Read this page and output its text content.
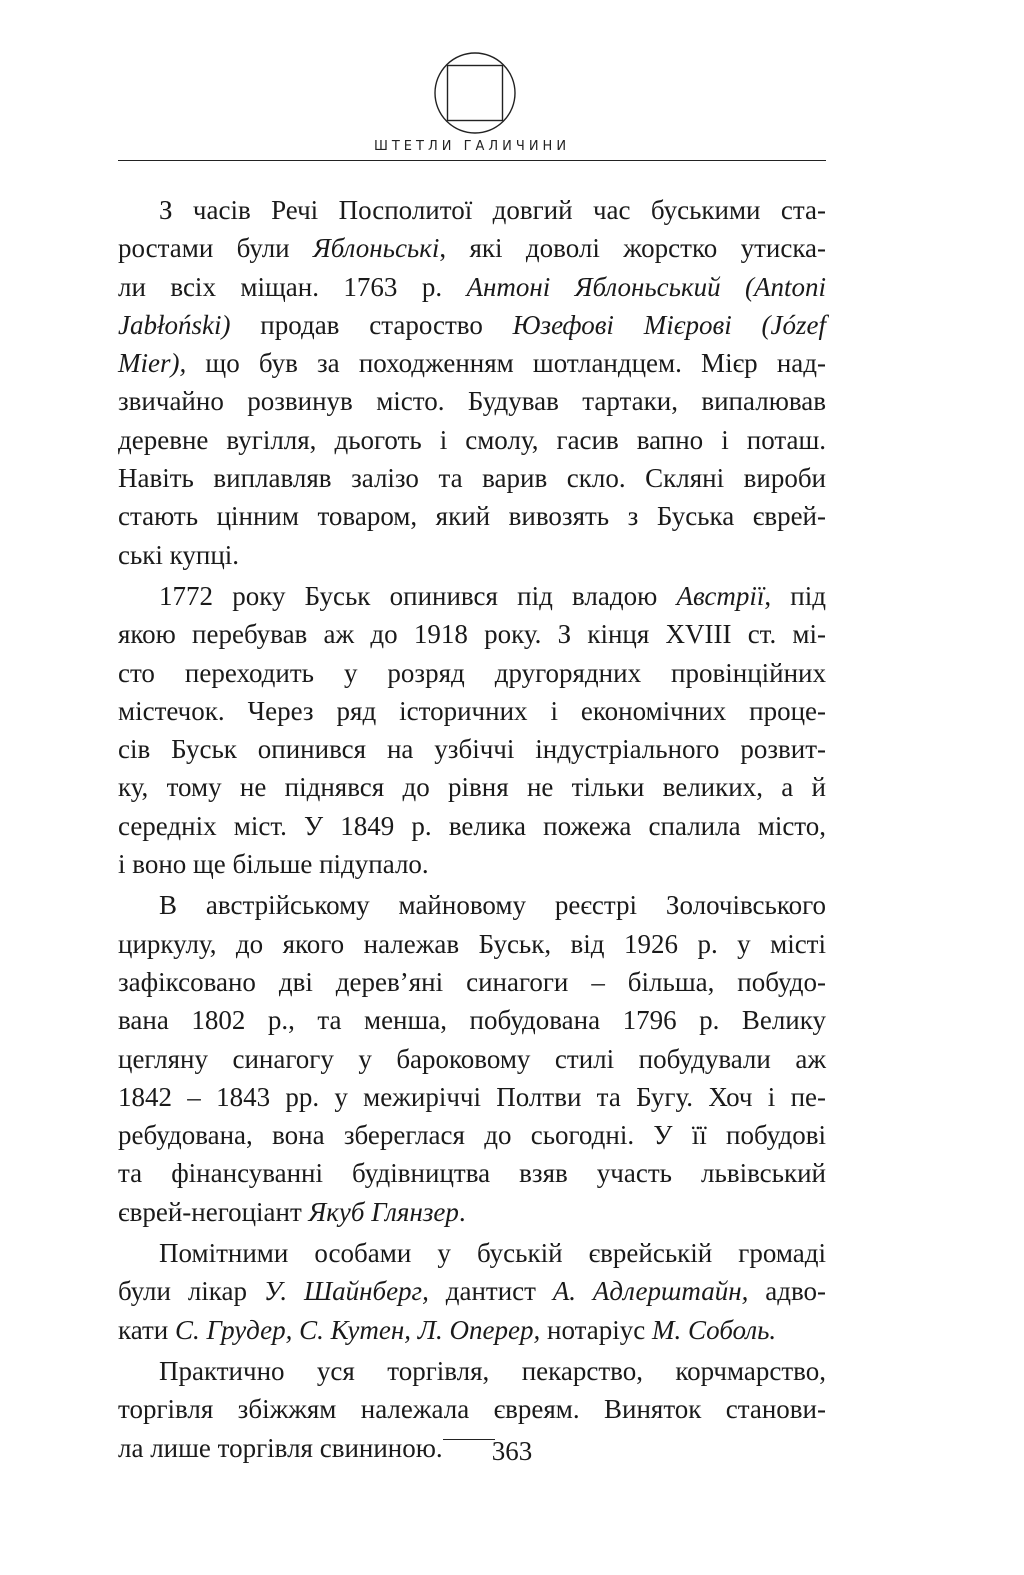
ШТЕТЛИ ГАЛИЧИНИ

З часів Речі Посполитої довгий час буськими ста-
ростами були Яблоньські, які доволі жорстко утиска-
ли всіх міщан. 1763 р. Антоні Яблоньський (Antoni
Jabłoński) продав староство Юзефові Мієрові (Józef
Mier), що був за походженням шотландцем. Мієр над-
звичайно розвинув місто. Будував тартаки, випалював
деревне вугілля, дьоготь і смолу, гасив вапно і поташ.
Навіть виплавляв залізо та варив скло. Скляні вироби
стають цінним товаром, який вивозять з Буська єврей-
ські купці.

1772 року Буськ опинився під владою Австрії, під
якою перебував аж до 1918 року. З кінця XVIII ст. мі-
сто переходить у розряд другорядних провінційних
містечок. Через ряд історичних і економічних проце-
сів Буськ опинився на узбіччі індустріального розвит-
ку, тому не піднявся до рівня не тільки великих, а й
середніх міст. У 1849 р. велика пожежа спалила місто,
і воно ще більше підупало.

В австрійському майновому реєстрі Золочівського
циркулу, до якого належав Буськ, від 1926 р. у місті
зафіксовано дві дерев’яні синагоги – більша, побудо-
вана 1802 р., та менша, побудована 1796 р. Велику
цегляну синагогу у бароковому стилі побудували аж
1842 – 1843 рр. у межиріччі Полтви та Бугу. Хоч і пе-
ребудована, вона збереглася до сьогодні. У її побудові
та фінансуванні будівництва взяв участь львівський
єврей-негоціант Якуб Глянзер.

Помітними особами у буській єврейській громаді
були лікар У. Шайнберг, дантист А. Адлерштайн, адво-
кати С. Грудер, С. Кутен, Л. Оперер, нотаріус М. Соболь.

Практично уся торгівля, пекарство, корчмарство,
торгівля збіжжям належала євреям. Виняток станови-
ла лише торгівля свининою.	363
